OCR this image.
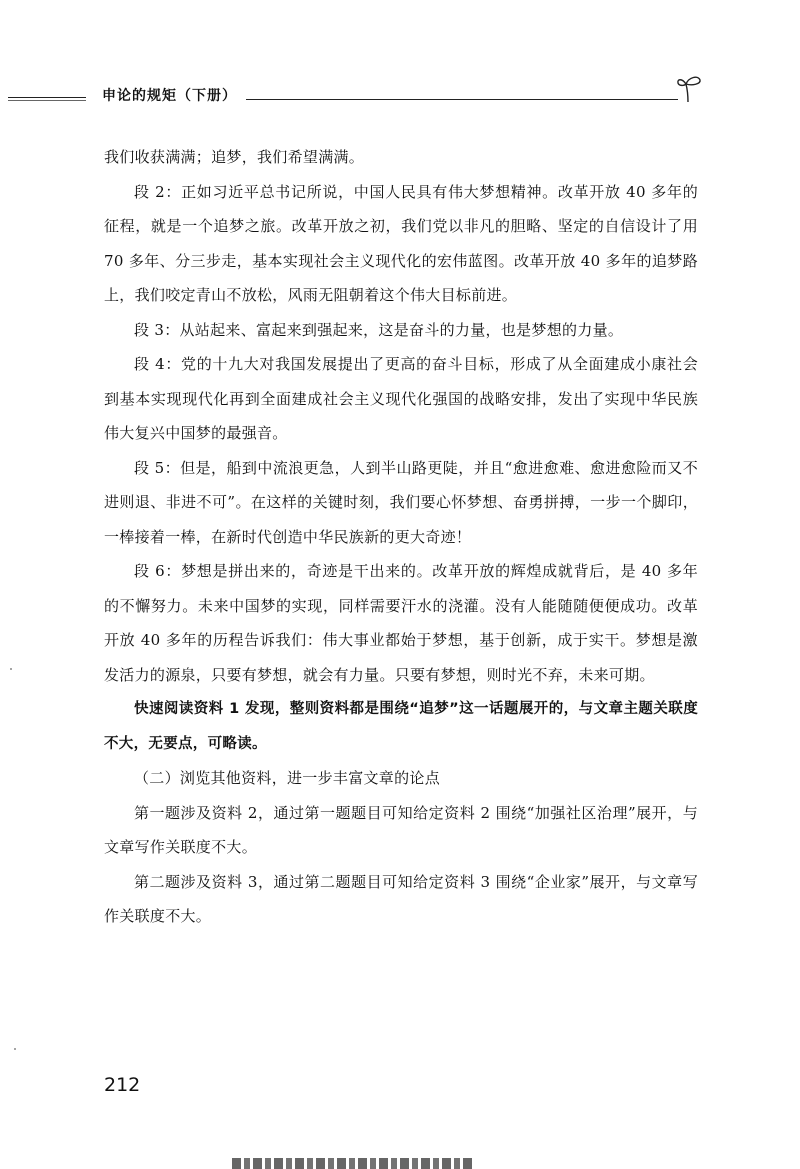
申论的规矩（下册）

我们收获满满；追梦，我们希望满满。

段 2：正如习近平总书记所说，中国人民具有伟大梦想精神。改革开放 40 多年的征程，就是一个追梦之旅。改革开放之初，我们党以非凡的胆略、坚定的自信设计了用 70 多年、分三步走，基本实现社会主义现代化的宏伟蓝图。改革开放 40 多年的追梦路上，我们咬定青山不放松，风雨无阻朝着这个伟大目标前进。

段 3：从站起来、富起来到强起来，这是奋斗的力量，也是梦想的力量。

段 4：党的十九大对我国发展提出了更高的奋斗目标，形成了从全面建成小康社会到基本实现现代化再到全面建成社会主义现代化强国的战略安排，发出了实现中华民族伟大复兴中国梦的最强音。

段 5：但是，船到中流浪更急，人到半山路更陡，并且“愈进愈难、愈进愈险而又不进则退、非进不可”。在这样的关键时刻，我们要心怀梦想、奋勇拼搏，一步一个脚印，一棒接着一棒，在新时代创造中华民族新的更大奇迹！

段 6：梦想是拼出来的，奇迹是干出来的。改革开放的辉煌成就背后，是 40 多年的不懈努力。未来中国梦的实现，同样需要汗水的浇灌。没有人能随随便便成功。改革开放 40 多年的历程告诉我们：伟大事业都始于梦想，基于创新，成于实干。梦想是激发活力的源泉，只要有梦想，就会有力量。只要有梦想，则时光不弃，未来可期。

快速阅读资料 1 发现，整则资料都是围绕“追梦”这一话题展开的，与文章主题关联度不大，无要点，可略读。

（二）浏览其他资料，进一步丰富文章的论点

第一题涉及资料 2，通过第一题题目可知给定资料 2 围绕“加强社区治理”展开，与文章写作关联度不大。

第二题涉及资料 3，通过第二题题目可知给定资料 3 围绕“企业家”展开，与文章写作关联度不大。

212
